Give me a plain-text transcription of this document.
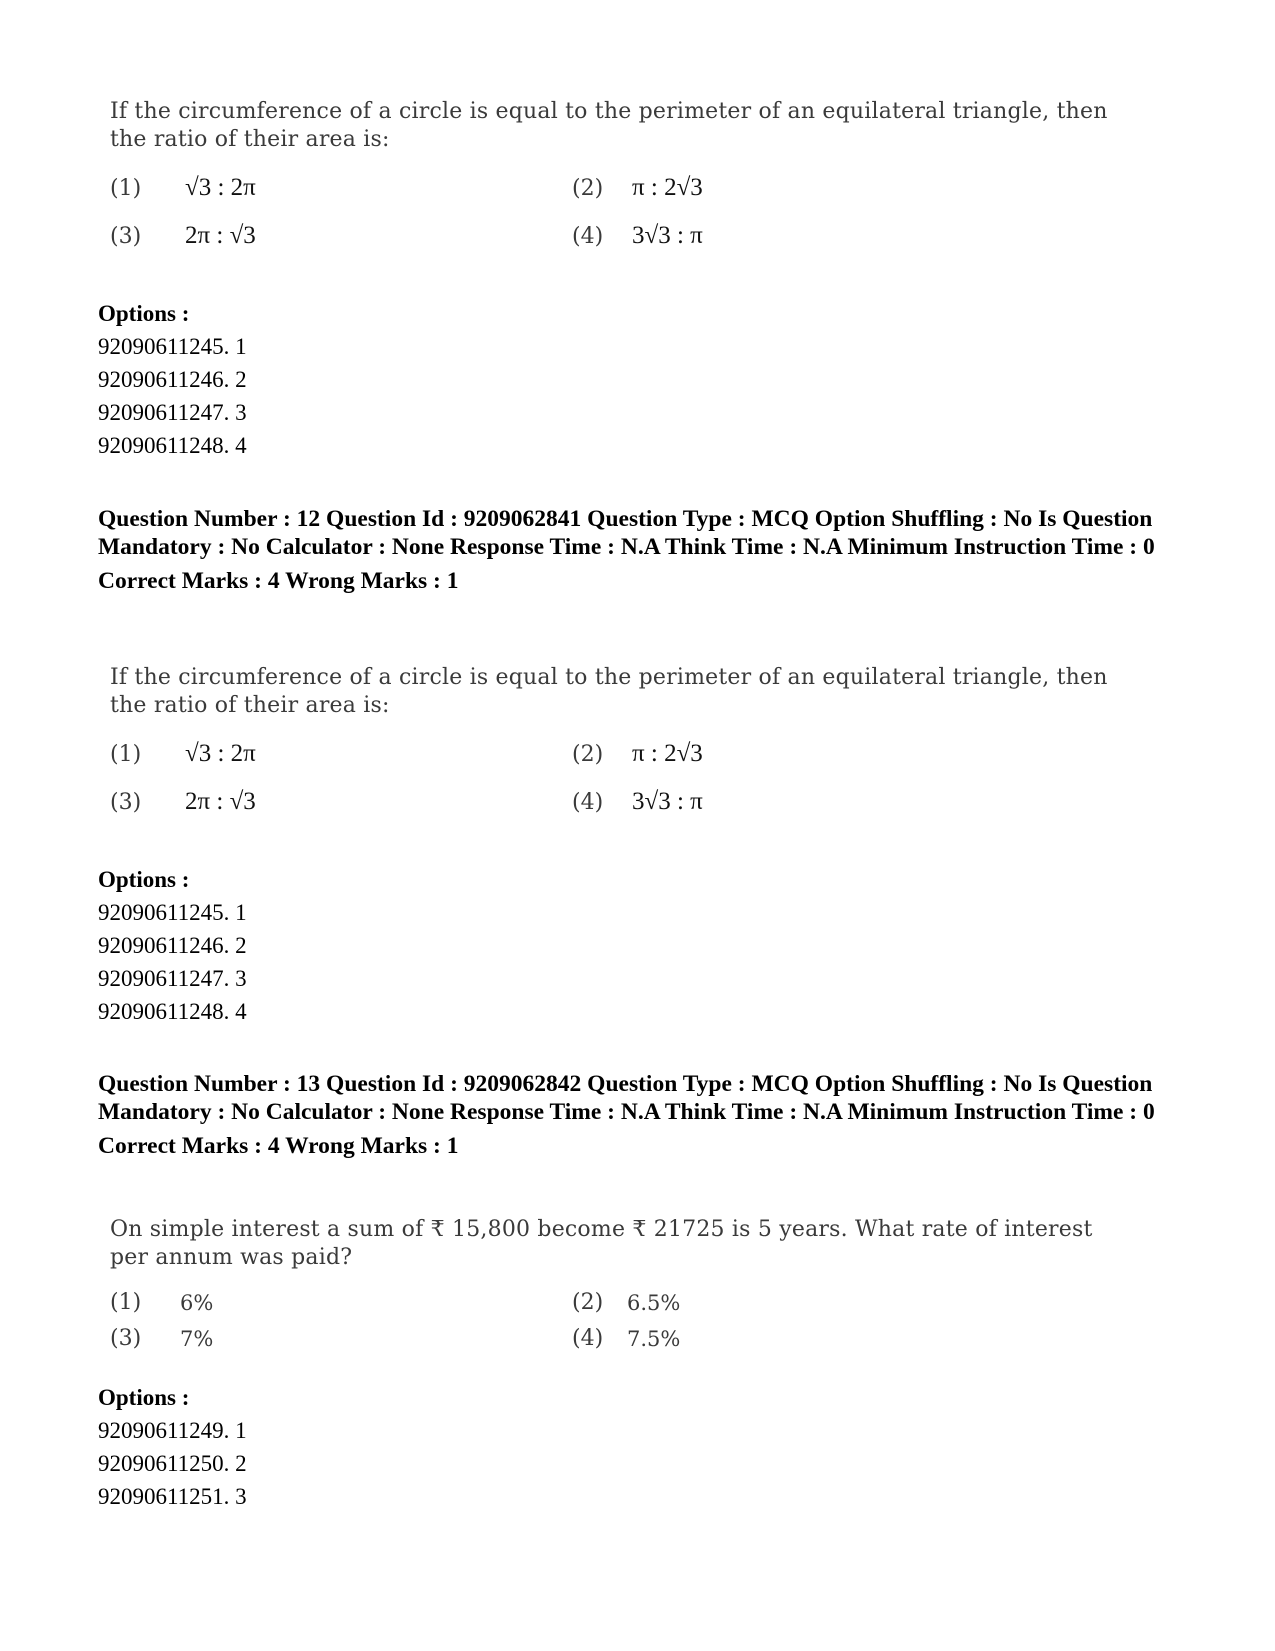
If the circumference of a circle is equal to the perimeter of an equilateral triangle, then the ratio of their area is:
(1)	√3 : 2π	(2)	π : 2√3
(3)	2π : √3	(4)	3√3 : π
Options :
92090611245. 1
92090611246. 2
92090611247. 3
92090611248. 4
Question Number : 12 Question Id : 9209062841 Question Type : MCQ Option Shuffling : No Is Question Mandatory : No Calculator : None Response Time : N.A Think Time : N.A Minimum Instruction Time : 0
Correct Marks : 4 Wrong Marks : 1
If the circumference of a circle is equal to the perimeter of an equilateral triangle, then the ratio of their area is:
(1)	√3 : 2π	(2)	π : 2√3
(3)	2π : √3	(4)	3√3 : π
Options :
92090611245. 1
92090611246. 2
92090611247. 3
92090611248. 4
Question Number : 13 Question Id : 9209062842 Question Type : MCQ Option Shuffling : No Is Question Mandatory : No Calculator : None Response Time : N.A Think Time : N.A Minimum Instruction Time : 0
Correct Marks : 4 Wrong Marks : 1
On simple interest a sum of ₹ 15,800 become ₹ 21725 is 5 years. What rate of interest per annum was paid?
(1)	6%	(2)	6.5%
(3)	7%	(4)	7.5%
Options :
92090611249. 1
92090611250. 2
92090611251. 3
